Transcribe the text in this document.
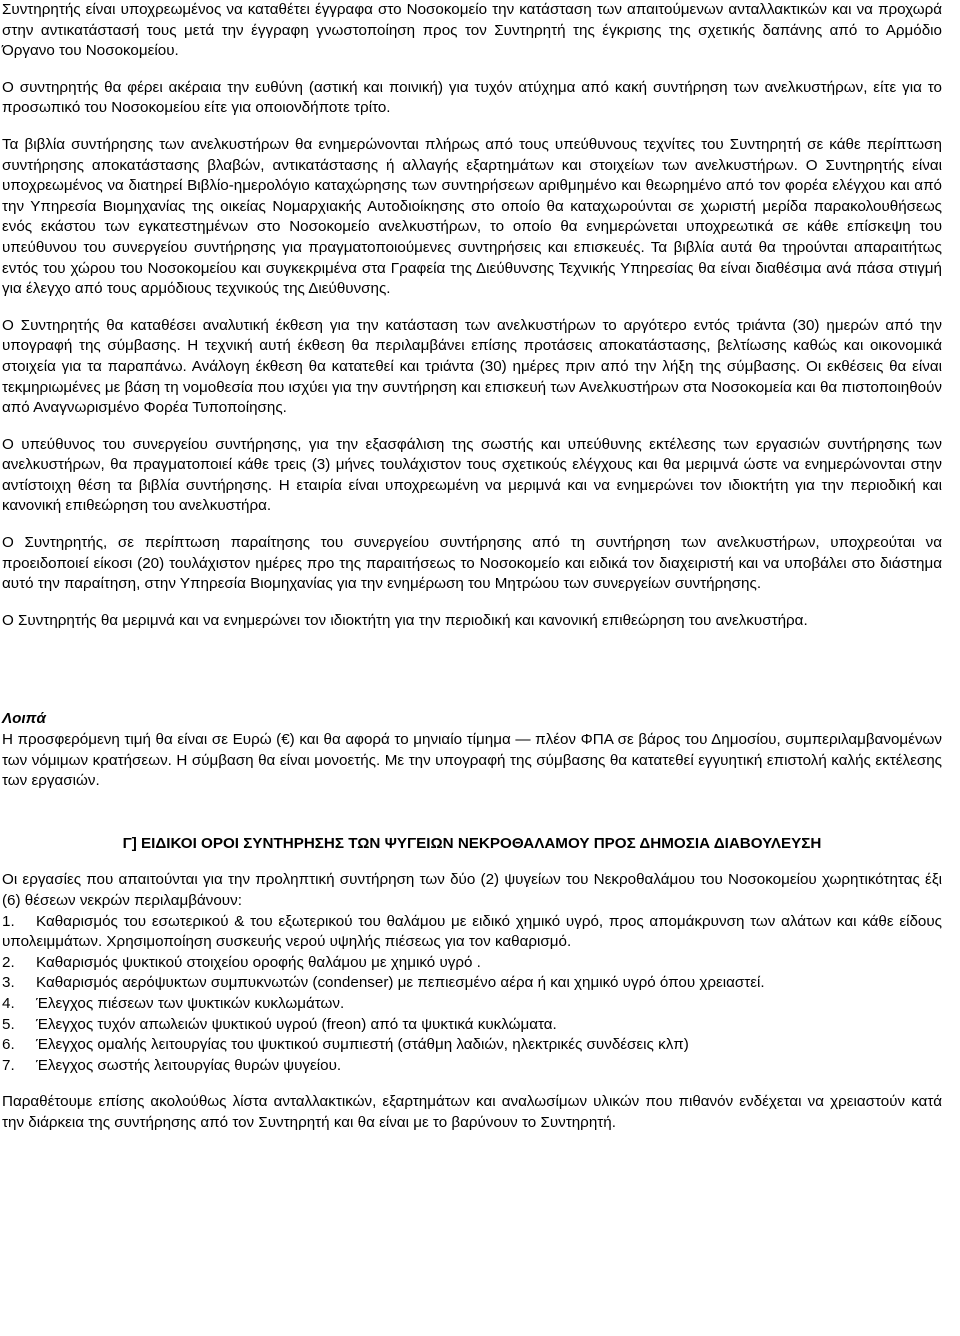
Συντηρητής είναι υποχρεωμένος να καταθέτει έγγραφα στο Νοσοκομείο την κατάσταση των απαιτούμενων ανταλλακτικών και να προχωρά στην αντικατάστασή τους μετά την έγγραφη γνωστοποίηση προς τον Συντηρητή της έγκρισης της σχετικής δαπάνης από το Αρμόδιο Όργανο του Νοσοκομείου.

Ο συντηρητής θα φέρει ακέραια την ευθύνη (αστική και ποινική) για τυχόν ατύχημα από κακή συντήρηση των ανελκυστήρων, είτε για το προσωπικό του Νοσοκομείου είτε για οποιονδήποτε τρίτο.

Τα βιβλία συντήρησης των ανελκυστήρων θα ενημερώνονται πλήρως από τους υπεύθυνους τεχνίτες του Συντηρητή σε κάθε περίπτωση συντήρησης αποκατάστασης βλαβών, αντικατάστασης ή αλλαγής εξαρτημάτων και στοιχείων των ανελκυστήρων. Ο Συντηρητής είναι υποχρεωμένος να διατηρεί Βιβλίο-ημερολόγιο καταχώρησης των συντηρήσεων αριθμημένο και θεωρημένο από τον φορέα ελέγχου και από την Υπηρεσία Βιομηχανίας της οικείας Νομαρχιακής Αυτοδιοίκησης στο οποίο θα καταχωρούνται σε χωριστή μερίδα παρακολουθήσεως ενός εκάστου των εγκατεστημένων στο Νοσοκομείο ανελκυστήρων, το οποίο θα ενημερώνεται υποχρεωτικά σε κάθε επίσκεψη του υπεύθυνου του συνεργείου συντήρησης για πραγματοποιούμενες συντηρήσεις και επισκευές. Τα βιβλία αυτά θα τηρούνται απαραιτήτως εντός του χώρου του Νοσοκομείου και συγκεκριμένα στα Γραφεία της Διεύθυνσης Τεχνικής Υπηρεσίας θα είναι διαθέσιμα ανά πάσα στιγμή για έλεγχο από τους αρμόδιους τεχνικούς της Διεύθυνσης.

Ο Συντηρητής θα καταθέσει αναλυτική έκθεση για την κατάσταση των ανελκυστήρων το αργότερο εντός τριάντα (30) ημερών από την υπογραφή της σύμβασης. Η τεχνική αυτή έκθεση θα περιλαμβάνει επίσης προτάσεις αποκατάστασης, βελτίωσης καθώς και οικονομικά στοιχεία για τα παραπάνω. Ανάλογη έκθεση θα κατατεθεί και τριάντα (30) ημέρες πριν από την λήξη της σύμβασης. Οι εκθέσεις θα είναι τεκμηριωμένες με βάση τη νομοθεσία που ισχύει για την συντήρηση και επισκευή των Ανελκυστήρων στα Νοσοκομεία και θα πιστοποιηθούν από Αναγνωρισμένο Φορέα Τυποποίησης.

Ο υπεύθυνος του συνεργείου συντήρησης, για την εξασφάλιση της σωστής και υπεύθυνης εκτέλεσης των εργασιών συντήρησης των ανελκυστήρων, θα πραγματοποιεί κάθε τρεις (3) μήνες τουλάχιστον τους σχετικούς ελέγχους και θα μεριμνά ώστε να ενημερώνονται στην αντίστοιχη θέση τα βιβλία συντήρησης. Η εταιρία είναι υποχρεωμένη να μεριμνά και να ενημερώνει τον ιδιοκτήτη για την περιοδική και κανονική επιθεώρηση του ανελκυστήρα.

Ο Συντηρητής, σε περίπτωση παραίτησης του συνεργείου συντήρησης από τη συντήρηση των ανελκυστήρων, υποχρεούται να προειδοποιεί είκοσι (20) τουλάχιστον ημέρες προ της παραιτήσεως το Νοσοκομείο και ειδικά τον διαχειριστή και να υποβάλει στο διάστημα αυτό την παραίτηση, στην Υπηρεσία Βιομηχανίας για την ενημέρωση του Μητρώου των συνεργείων συντήρησης.

Ο Συντηρητής θα μεριμνά και να ενημερώνει τον ιδιοκτήτη για την περιοδική και κανονική επιθεώρηση του ανελκυστήρα.

Λοιπά

Η προσφερόμενη τιμή θα είναι σε Ευρώ (€) και θα αφορά το μηνιαίο τίμημα — πλέον ΦΠΑ σε βάρος του Δημοσίου, συμπεριλαμβανομένων των νόμιμων κρατήσεων. Η σύμβαση θα είναι μονοετής. Με την υπογραφή της σύμβασης θα κατατεθεί εγγυητική επιστολή καλής εκτέλεσης των εργασιών.

Γ] ΕΙΔΙΚΟΙ ΟΡΟΙ ΣΥΝΤΗΡΗΣΗΣ ΤΩΝ ΨΥΓΕΙΩΝ ΝΕΚΡΟΘΑΛΑΜΟΥ ΠΡΟΣ ΔΗΜΟΣΙΑ ΔΙΑΒΟΥΛΕΥΣΗ

Οι εργασίες που απαιτούνται για την προληπτική συντήρηση των δύο (2) ψυγείων του Νεκροθαλάμου του Νοσοκομείου χωρητικότητας έξι (6) θέσεων νεκρών περιλαμβάνουν:

1. Καθαρισμός του εσωτερικού & του εξωτερικού του θαλάμου με ειδικό χημικό υγρό, προς απομάκρυνση των αλάτων και κάθε είδους υπολειμμάτων. Χρησιμοποίηση συσκευής νερού υψηλής πιέσεως για τον καθαρισμό.
2. Καθαρισμός ψυκτικού στοιχείου οροφής θαλάμου με χημικό υγρό .
3. Καθαρισμός αερόψυκτων συμπυκνωτών (condenser) με πεπιεσμένο αέρα ή και χημικό υγρό όπου χρειαστεί.
4. Έλεγχος πιέσεων των ψυκτικών κυκλωμάτων.
5. Έλεγχος τυχόν απωλειών ψυκτικού υγρού (freon) από τα ψυκτικά κυκλώματα.
6. Έλεγχος ομαλής λειτουργίας του ψυκτικού συμπιεστή (στάθμη λαδιών, ηλεκτρικές συνδέσεις κλπ)
7. Έλεγχος σωστής λειτουργίας θυρών ψυγείου.

Παραθέτουμε επίσης ακολούθως λίστα ανταλλακτικών, εξαρτημάτων και αναλωσίμων υλικών που πιθανόν ενδέχεται να χρειαστούν κατά την διάρκεια της συντήρησης από τον Συντηρητή και θα είναι με το βαρύνουν το Συντηρητή.
